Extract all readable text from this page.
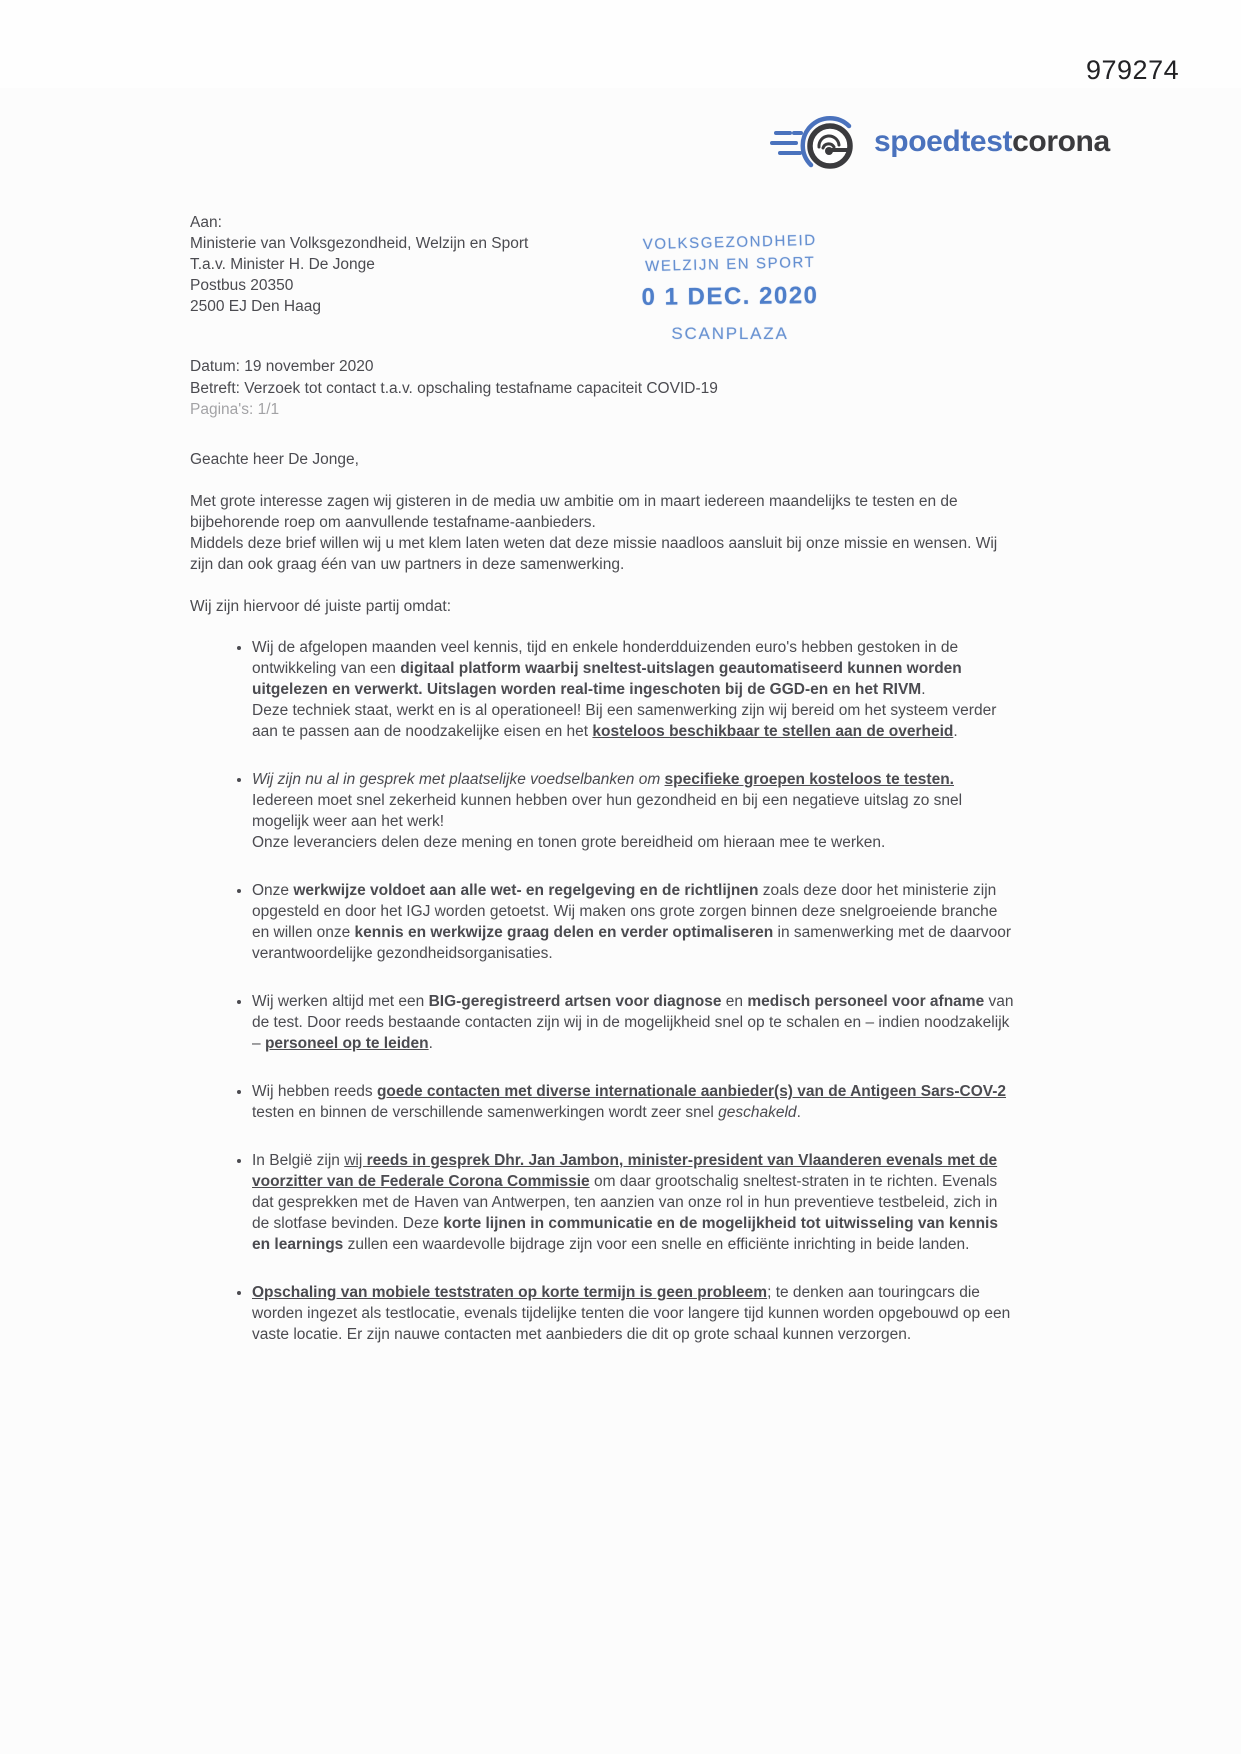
979274
spoedtestcorona
Aan:
Ministerie van Volksgezondheid, Welzijn en Sport
T.a.v. Minister H. De Jonge
Postbus 20350
2500 EJ Den Haag
VOLKSGEZONDHEID
WELZIJN EN SPORT
0 1 DEC. 2020
SCANPLAZA
Datum: 19 november 2020
Betreft: Verzoek tot contact t.a.v. opschaling testafname capaciteit COVID-19
Pagina's: 1/1

Geachte heer De Jonge,

Met grote interesse zagen wij gisteren in de media uw ambitie om in maart iedereen maandelijks te testen en de bijbehorende roep om aanvullende testafname-aanbieders.

Middels deze brief willen wij u met klem laten weten dat deze missie naadloos aansluit bij onze missie en wensen. Wij zijn dan ook graag één van uw partners in deze samenwerking.

Wij zijn hiervoor dé juiste partij omdat:

• Wij de afgelopen maanden veel kennis, tijd en enkele honderdduizenden euro's hebben gestoken in de ontwikkeling van een digitaal platform waarbij sneltest-uitslagen geautomatiseerd kunnen worden uitgelezen en verwerkt. Uitslagen worden real-time ingeschoten bij de GGD-en en het RIVM.
Deze techniek staat, werkt en is al operationeel! Bij een samenwerking zijn wij bereid om het systeem verder aan te passen aan de noodzakelijke eisen en het kosteloos beschikbaar te stellen aan de overheid.
• Wij zijn nu al in gesprek met plaatselijke voedselbanken om specifieke groepen kosteloos te testen. Iedereen moet snel zekerheid kunnen hebben over hun gezondheid en bij een negatieve uitslag zo snel mogelijk weer aan het werk!
Onze leveranciers delen deze mening en tonen grote bereidheid om hieraan mee te werken.
• Onze werkwijze voldoet aan alle wet- en regelgeving en de richtlijnen zoals deze door het ministerie zijn opgesteld en door het IGJ worden getoetst. Wij maken ons grote zorgen binnen deze snelgroeiende branche en willen onze kennis en werkwijze graag delen en verder optimaliseren in samenwerking met de daarvoor verantwoordelijke gezondheidsorganisaties.
• Wij werken altijd met een BIG-geregistreerd artsen voor diagnose en medisch personeel voor afname van de test. Door reeds bestaande contacten zijn wij in de mogelijkheid snel op te schalen en – indien noodzakelijk – personeel op te leiden.
• Wij hebben reeds goede contacten met diverse internationale aanbieder(s) van de Antigeen Sars-COV-2 testen en binnen de verschillende samenwerkingen wordt zeer snel geschakeld.
• In België zijn wij reeds in gesprek Dhr. Jan Jambon, minister-president van Vlaanderen evenals met de voorzitter van de Federale Corona Commissie om daar grootschalig sneltest-straten in te richten. Evenals dat gesprekken met de Haven van Antwerpen, ten aanzien van onze rol in hun preventieve testbeleid, zich in de slotfase bevinden. Deze korte lijnen in communicatie en de mogelijkheid tot uitwisseling van kennis en learnings zullen een waardevolle bijdrage zijn voor een snelle en efficiënte inrichting in beide landen.
• Opschaling van mobiele teststraten op korte termijn is geen probleem; te denken aan touringcars die worden ingezet als testlocatie, evenals tijdelijke tenten die voor langere tijd kunnen worden opgebouwd op een vaste locatie. Er zijn nauwe contacten met aanbieders die dit op grote schaal kunnen verzorgen.
